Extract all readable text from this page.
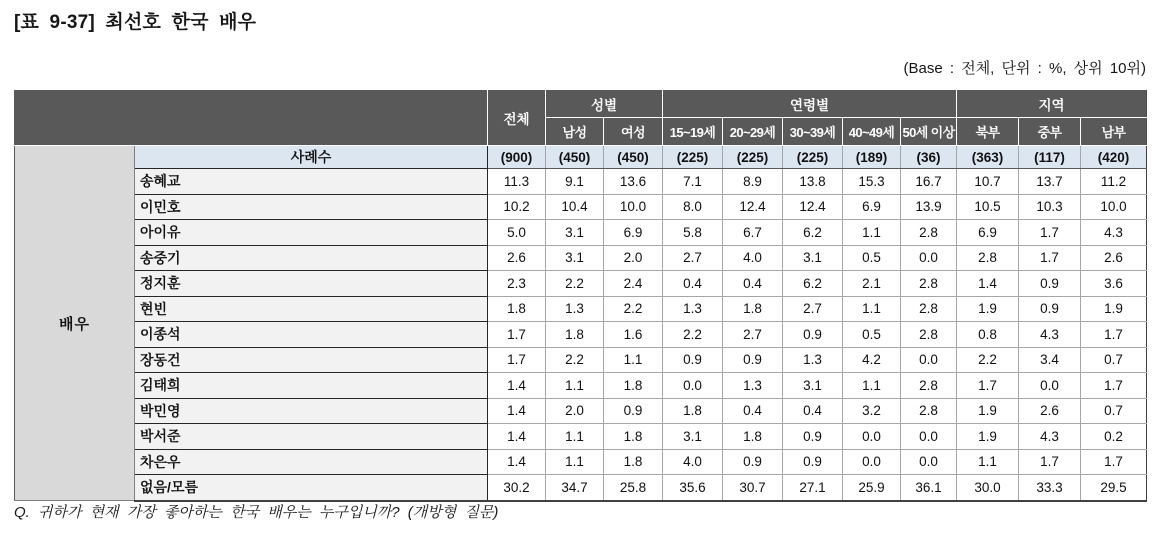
[표 9-37] 최선호 한국 배우
(Base : 전체, 단위 : %, 상위 10위)
		전체	성별		연령별					지역		
			남성	여성	15~19세	20~29세	30~39세	40~49세	50세 이상	북부	중부	남부
배우	사례수	(900)	(450)	(450)	(225)	(225)	(225)	(189)	(36)	(363)	(117)	(420)
	송혜교	11.3	9.1	13.6	7.1	8.9	13.8	15.3	16.7	10.7	13.7	11.2
	이민호	10.2	10.4	10.0	8.0	12.4	12.4	6.9	13.9	10.5	10.3	10.0
	아이유	5.0	3.1	6.9	5.8	6.7	6.2	1.1	2.8	6.9	1.7	4.3
	송중기	2.6	3.1	2.0	2.7	4.0	3.1	0.5	0.0	2.8	1.7	2.6
	정지훈	2.3	2.2	2.4	0.4	0.4	6.2	2.1	2.8	1.4	0.9	3.6
	현빈	1.8	1.3	2.2	1.3	1.8	2.7	1.1	2.8	1.9	0.9	1.9
	이종석	1.7	1.8	1.6	2.2	2.7	0.9	0.5	2.8	0.8	4.3	1.7
	장동건	1.7	2.2	1.1	0.9	0.9	1.3	4.2	0.0	2.2	3.4	0.7
	김태희	1.4	1.1	1.8	0.0	1.3	3.1	1.1	2.8	1.7	0.0	1.7
	박민영	1.4	2.0	0.9	1.8	0.4	0.4	3.2	2.8	1.9	2.6	0.7
	박서준	1.4	1.1	1.8	3.1	1.8	0.9	0.0	0.0	1.9	4.3	0.2
	차은우	1.4	1.1	1.8	4.0	0.9	0.9	0.0	0.0	1.1	1.7	1.7
	없음/모름	30.2	34.7	25.8	35.6	30.7	27.1	25.9	36.1	30.0	33.3	29.5
Q. 귀하가 현재 가장 좋아하는 한국 배우는 누구입니까? (개방형 질문)
